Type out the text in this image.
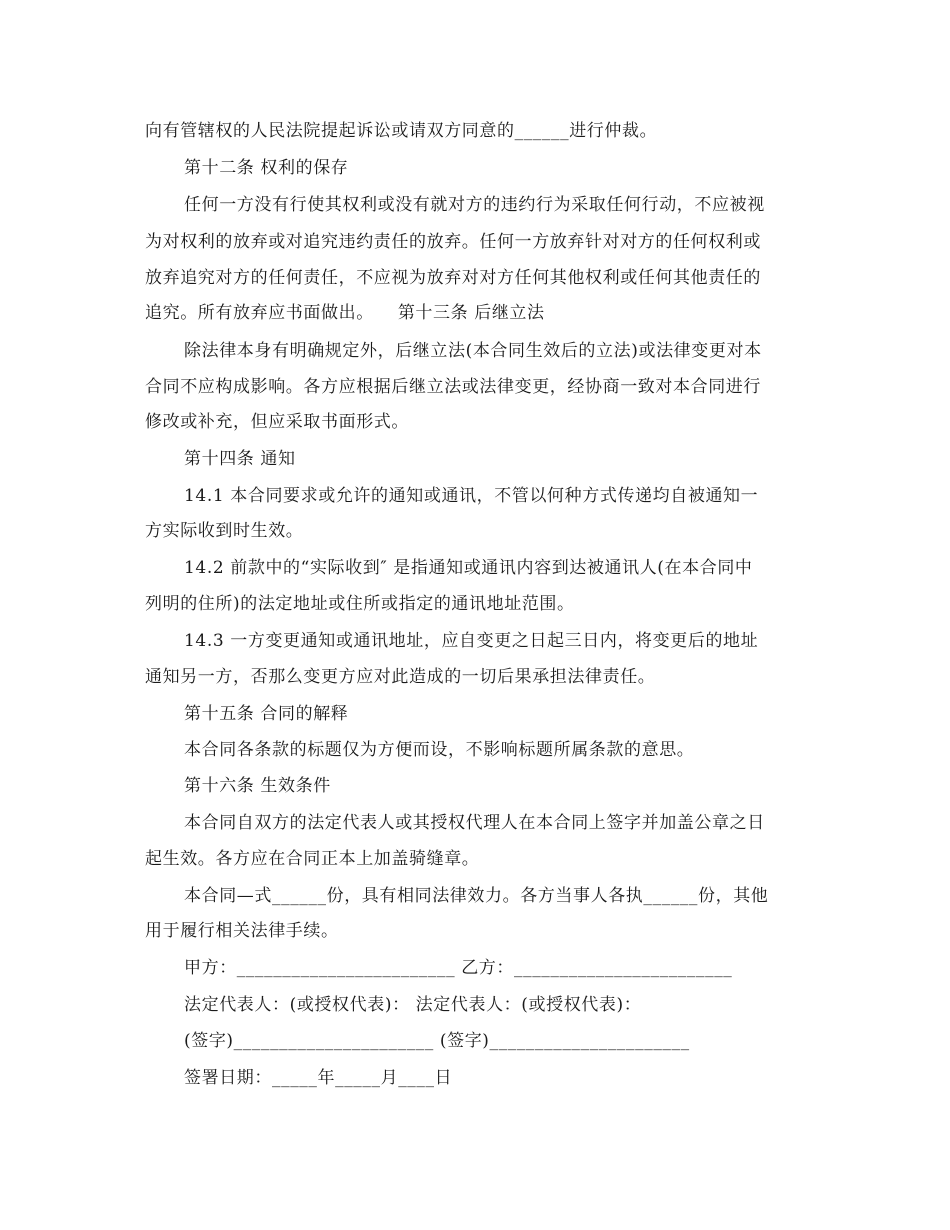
向有管辖权的人民法院提起诉讼或请双方同意的______进行仲裁。
第十二条 权利的保存
任何一方没有行使其权利或没有就对方的违约行为采取任何行动，不应被视
为对权利的放弃或对追究违约责任的放弃。任何一方放弃针对对方的任何权利或
放弃追究对方的任何责任，不应视为放弃对对方任何其他权利或任何其他责任的
追究。所有放弃应书面做出。    第十三条 后继立法
除法律本身有明确规定外，后继立法(本合同生效后的立法)或法律变更对本
合同不应构成影响。各方应根据后继立法或法律变更，经协商一致对本合同进行
修改或补充，但应采取书面形式。
第十四条 通知
14.1 本合同要求或允许的通知或通讯，不管以何种方式传递均自被通知一
方实际收到时生效。
14.2 前款中的“实际收到″ 是指通知或通讯内容到达被通讯人(在本合同中
列明的住所)的法定地址或住所或指定的通讯地址范围。
14.3 一方变更通知或通讯地址，应自变更之日起三日内，将变更后的地址
通知另一方，否那么变更方应对此造成的一切后果承担法律责任。
第十五条 合同的解释
本合同各条款的标题仅为方便而设，不影响标题所属条款的意思。
第十六条 生效条件
本合同自双方的法定代表人或其授权代理人在本合同上签字并加盖公章之日
起生效。各方应在合同正本上加盖骑缝章。
本合同—式______份，具有相同法律效力。各方当事人各执______份，其他
用于履行相关法律手续。
甲方：________________________ 乙方：________________________
法定代表人：(或授权代表)： 法定代表人：(或授权代表)：
(签字)______________________ (签字)______________________
签署日期：_____年_____月____日
